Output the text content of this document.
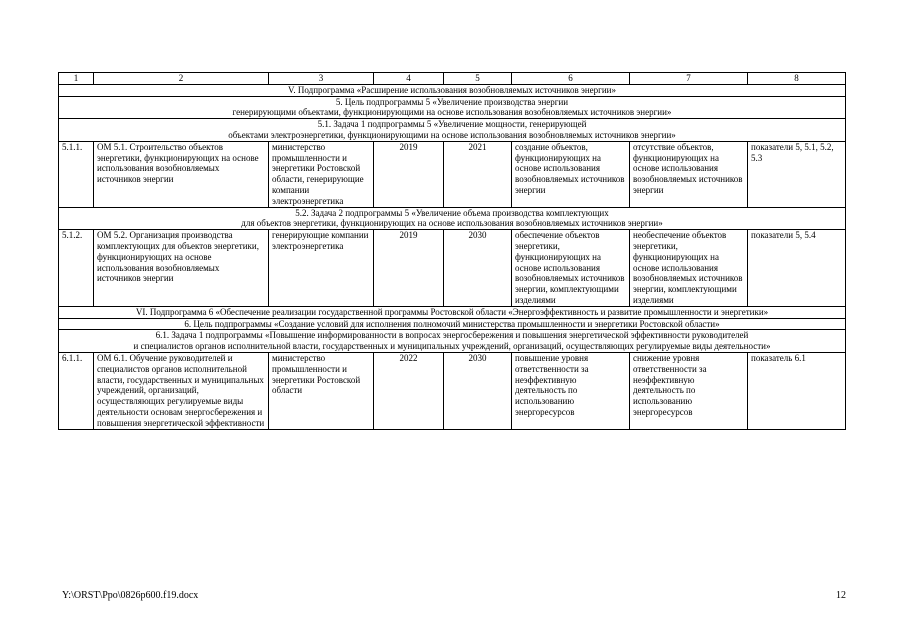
1	2	3	4	5	6	7	8
V. Подпрограмма «Расширение использования возобновляемых источников энергии»							
5. Цель подпрограммы 5 «Увеличение производства энергии
генерирующими объектами, функционирующими на основе использования возобновляемых источников энергии»							
5.1. Задача 1 подпрограммы 5 «Увеличение мощности, генерирующей
объектами электроэнергетики, функционирующими на основе использования возобновляемых источников энергии»							
5.1.1.	ОМ 5.1. Строительство объектов энергетики, функционирующих на основе использования возобновляемых источников энергии	министерство промышленности и энергетики Ростовской области, генерирующие компании электроэнергетика	2019	2021	создание объектов, функционирующих на основе использования возобновляемых источников энергии	отсутствие объектов, функционирующих на основе использования возобновляемых источников энергии	показатели 5, 5.1, 5.2, 5.3
5.2. Задача 2 подпрограммы 5 «Увеличение объема производства комплектующих
для объектов энергетики, функционирующих на основе использования возобновляемых источников энергии»							
5.1.2.	ОМ 5.2. Организация производства комплектующих для объектов энергетики, функционирующих на основе использования возобновляемых источников энергии	генерирующие компании электроэнергетика	2019	2030	обеспечение объектов энергетики, функционирующих на основе использования возобновляемых источников энергии, комплектующими изделиями	необеспечение объектов энергетики, функционирующих на основе использования возобновляемых источников энергии, комплектующими изделиями	показатели 5, 5.4
VI. Подпрограмма 6 «Обеспечение реализации государственной программы Ростовской области «Энергоэффективность и развитие промышленности и энергетики»							
6. Цель подпрограммы «Создание условий для исполнения полномочий министерства промышленности и энергетики Ростовской области»							
6.1. Задача 1 подпрограммы «Повышение информированности в вопросах энергосбережения и повышения энергетической эффективности руководителей
и специалистов органов исполнительной власти, государственных и муниципальных учреждений, организаций, осуществляющих регулируемые виды деятельности»							
6.1.1.	ОМ 6.1. Обучение руководителей и специалистов органов исполнительной власти, государственных и муниципальных учреждений, организаций, осуществляющих регулируемые виды деятельности основам энергосбережения и повышения энергетической эффективности	министерство промышленности и энергетики Ростовской области	2022	2030	повышение уровня ответственности за неэффективную деятельность по использованию энергоресурсов	снижение уровня ответственности за неэффективную деятельность по использованию энергоресурсов	показатель 6.1
Y:\ORST\Ppo\0826p600.f19.docx	12
